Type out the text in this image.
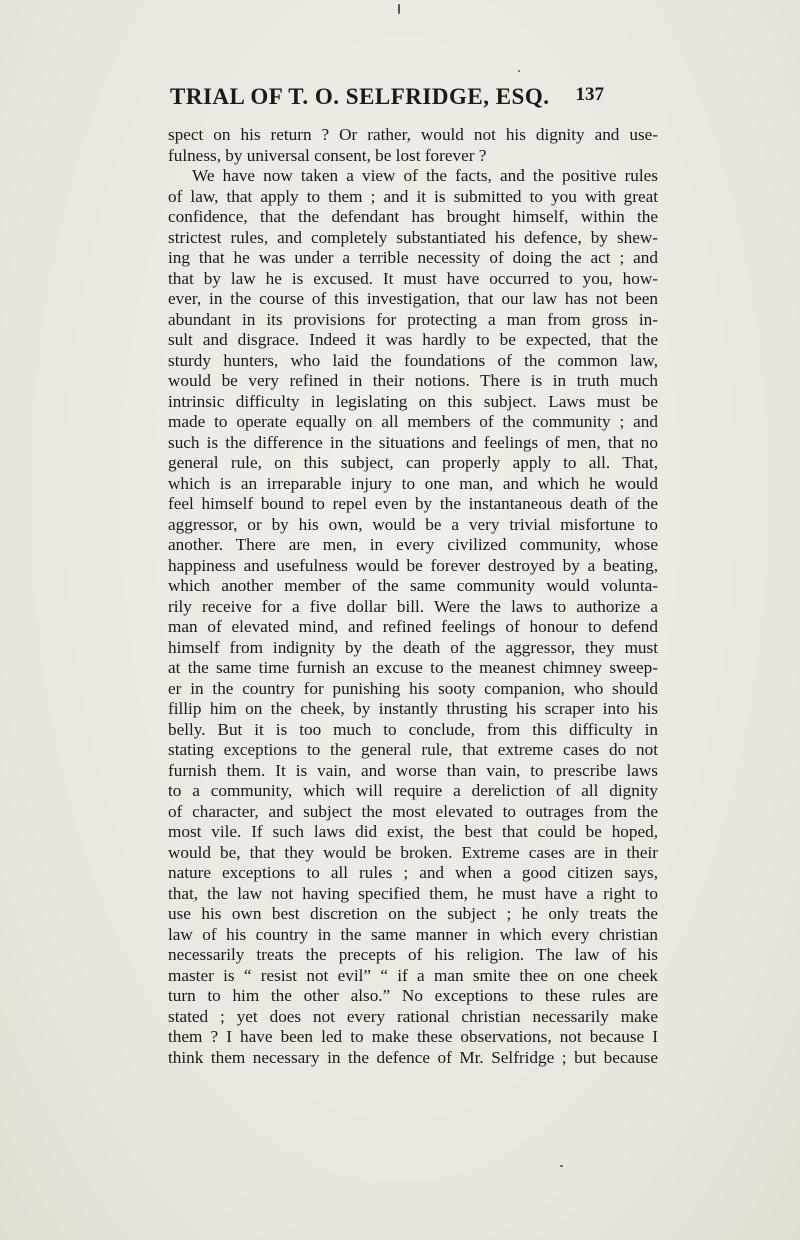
TRIAL OF T. O. SELFRIDGE, ESQ. 137
spect on his return ? Or rather, would not his dignity and use-
fulness, by universal consent, be lost forever ?
We have now taken a view of the facts, and the positive rules
of law, that apply to them ; and it is submitted to you with great
confidence, that the defendant has brought himself, within the
strictest rules, and completely substantiated his defence, by shew-
ing that he was under a terrible necessity of doing the act ; and
that by law he is excused. It must have occurred to you, how-
ever, in the course of this investigation, that our law has not been
abundant in its provisions for protecting a man from gross in-
sult and disgrace. Indeed it was hardly to be expected, that the
sturdy hunters, who laid the foundations of the common law,
would be very refined in their notions. There is in truth much
intrinsic difficulty in legislating on this subject. Laws must be
made to operate equally on all members of the community ; and
such is the difference in the situations and feelings of men, that no
general rule, on this subject, can properly apply to all. That,
which is an irreparable injury to one man, and which he would
feel himself bound to repel even by the instantaneous death of the
aggressor, or by his own, would be a very trivial misfortune to
another. There are men, in every civilized community, whose
happiness and usefulness would be forever destroyed by a beating,
which another member of the same community would volunta-
rily receive for a five dollar bill. Were the laws to authorize a
man of elevated mind, and refined feelings of honour to defend
himself from indignity by the death of the aggressor, they must
at the same time furnish an excuse to the meanest chimney sweep-
er in the country for punishing his sooty companion, who should
fillip him on the cheek, by instantly thrusting his scraper into his
belly. But it is too much to conclude, from this difficulty in
stating exceptions to the general rule, that extreme cases do not
furnish them. It is vain, and worse than vain, to prescribe laws
to a community, which will require a dereliction of all dignity
of character, and subject the most elevated to outrages from the
most vile. If such laws did exist, the best that could be hoped,
would be, that they would be broken. Extreme cases are in their
nature exceptions to all rules ; and when a good citizen says,
that, the law not having specified them, he must have a right to
use his own best discretion on the subject ; he only treats the
law of his country in the same manner in which every christian
necessarily treats the precepts of his religion. The law of his
master is “ resist not evil” “ if a man smite thee on one cheek
turn to him the other also.” No exceptions to these rules are
stated ; yet does not every rational christian necessarily make
them ? I have been led to make these observations, not because I
think them necessary in the defence of Mr. Selfridge ; but because
